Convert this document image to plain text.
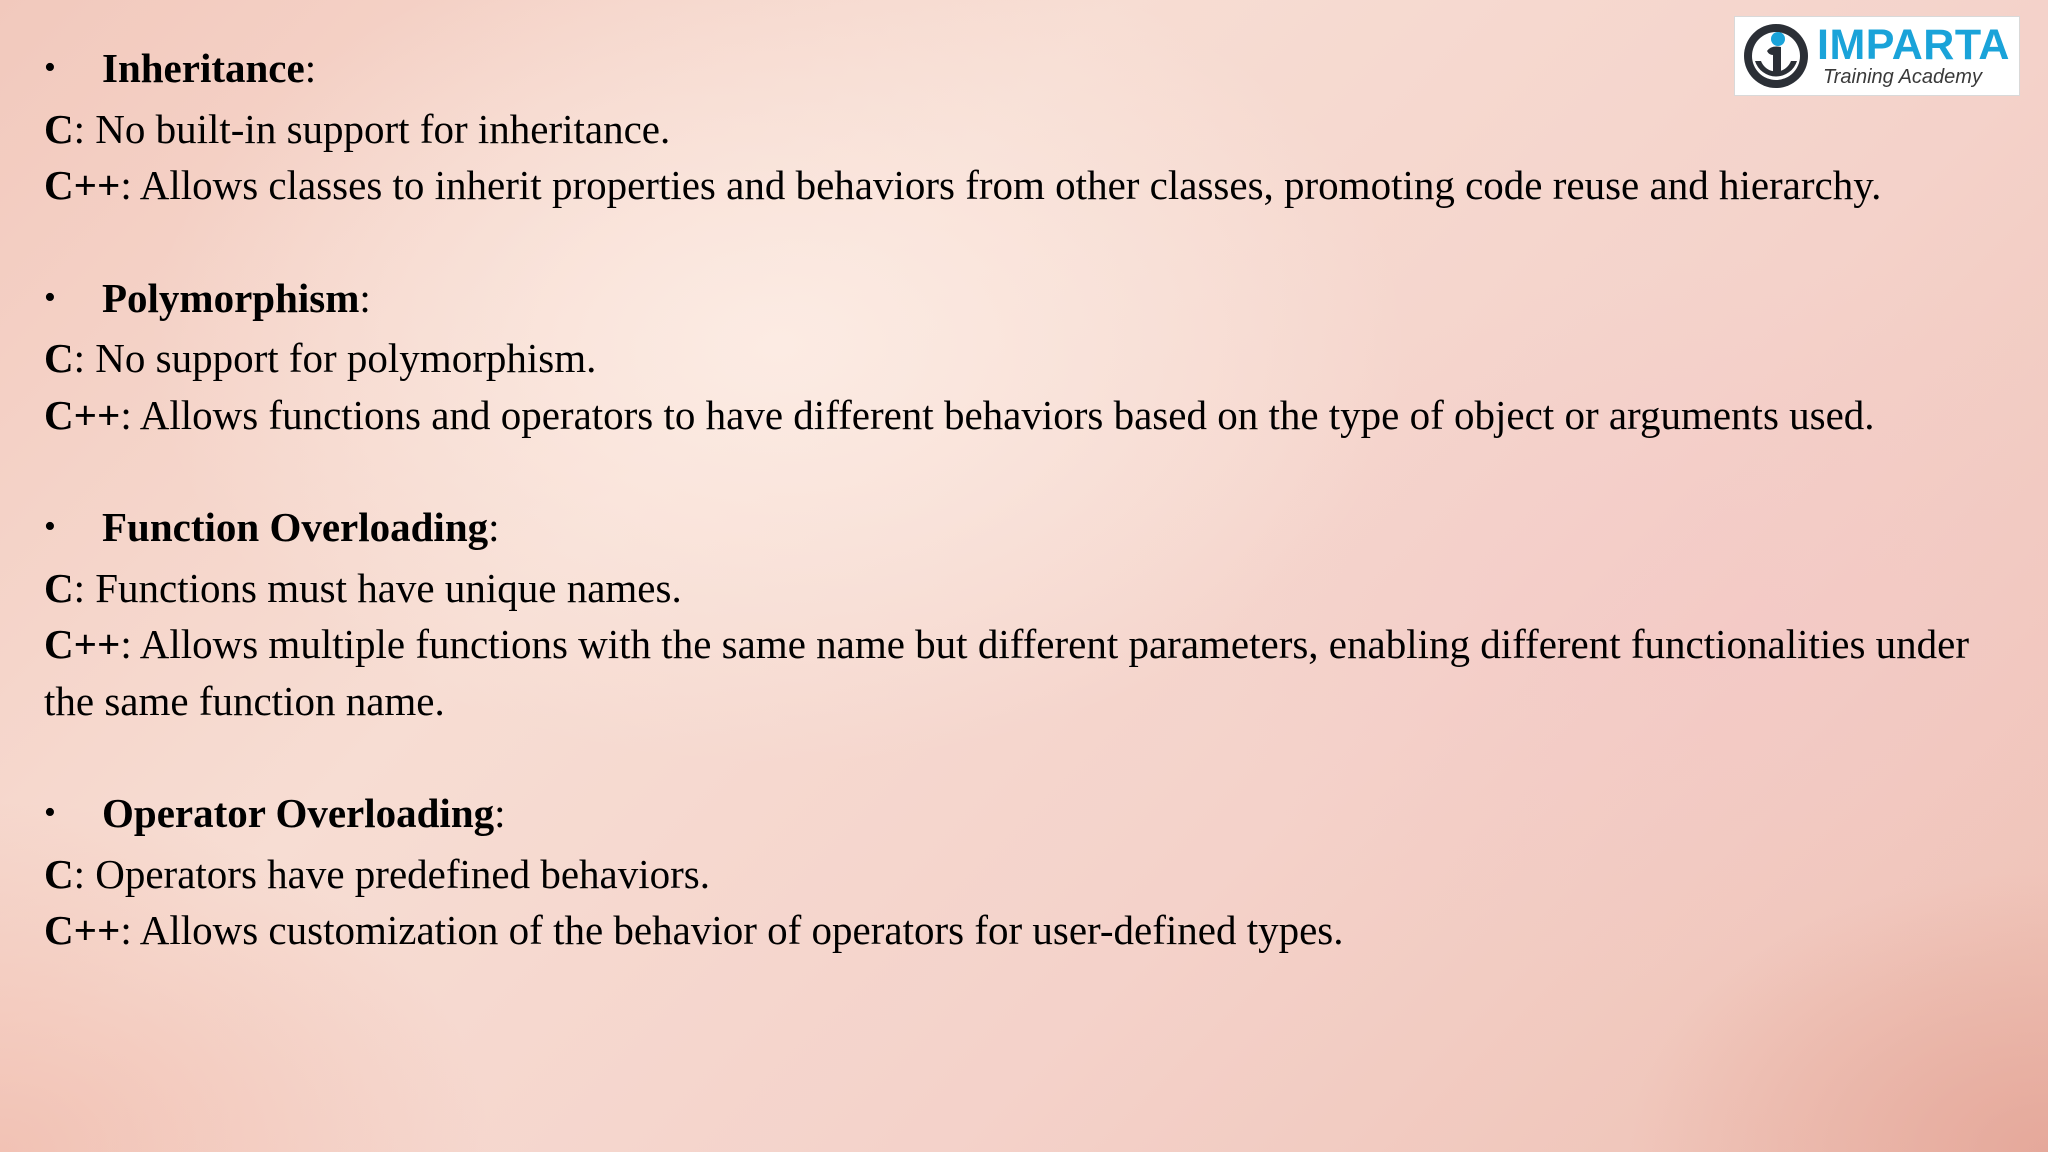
•	Inheritance:
C: No built-in support for inheritance.
C++: Allows classes to inherit properties and behaviors from other classes, promoting code reuse and hierarchy.
•	Polymorphism:
C: No support for polymorphism.
C++: Allows functions and operators to have different behaviors based on the type of object or arguments used.
•	Function Overloading:
C: Functions must have unique names.
C++: Allows multiple functions with the same name but different parameters, enabling different functionalities under the same function name.
•	Operator Overloading:
C: Operators have predefined behaviors.
C++: Allows customization of the behavior of operators for user-defined types.
IMPARTA
Training Academy
